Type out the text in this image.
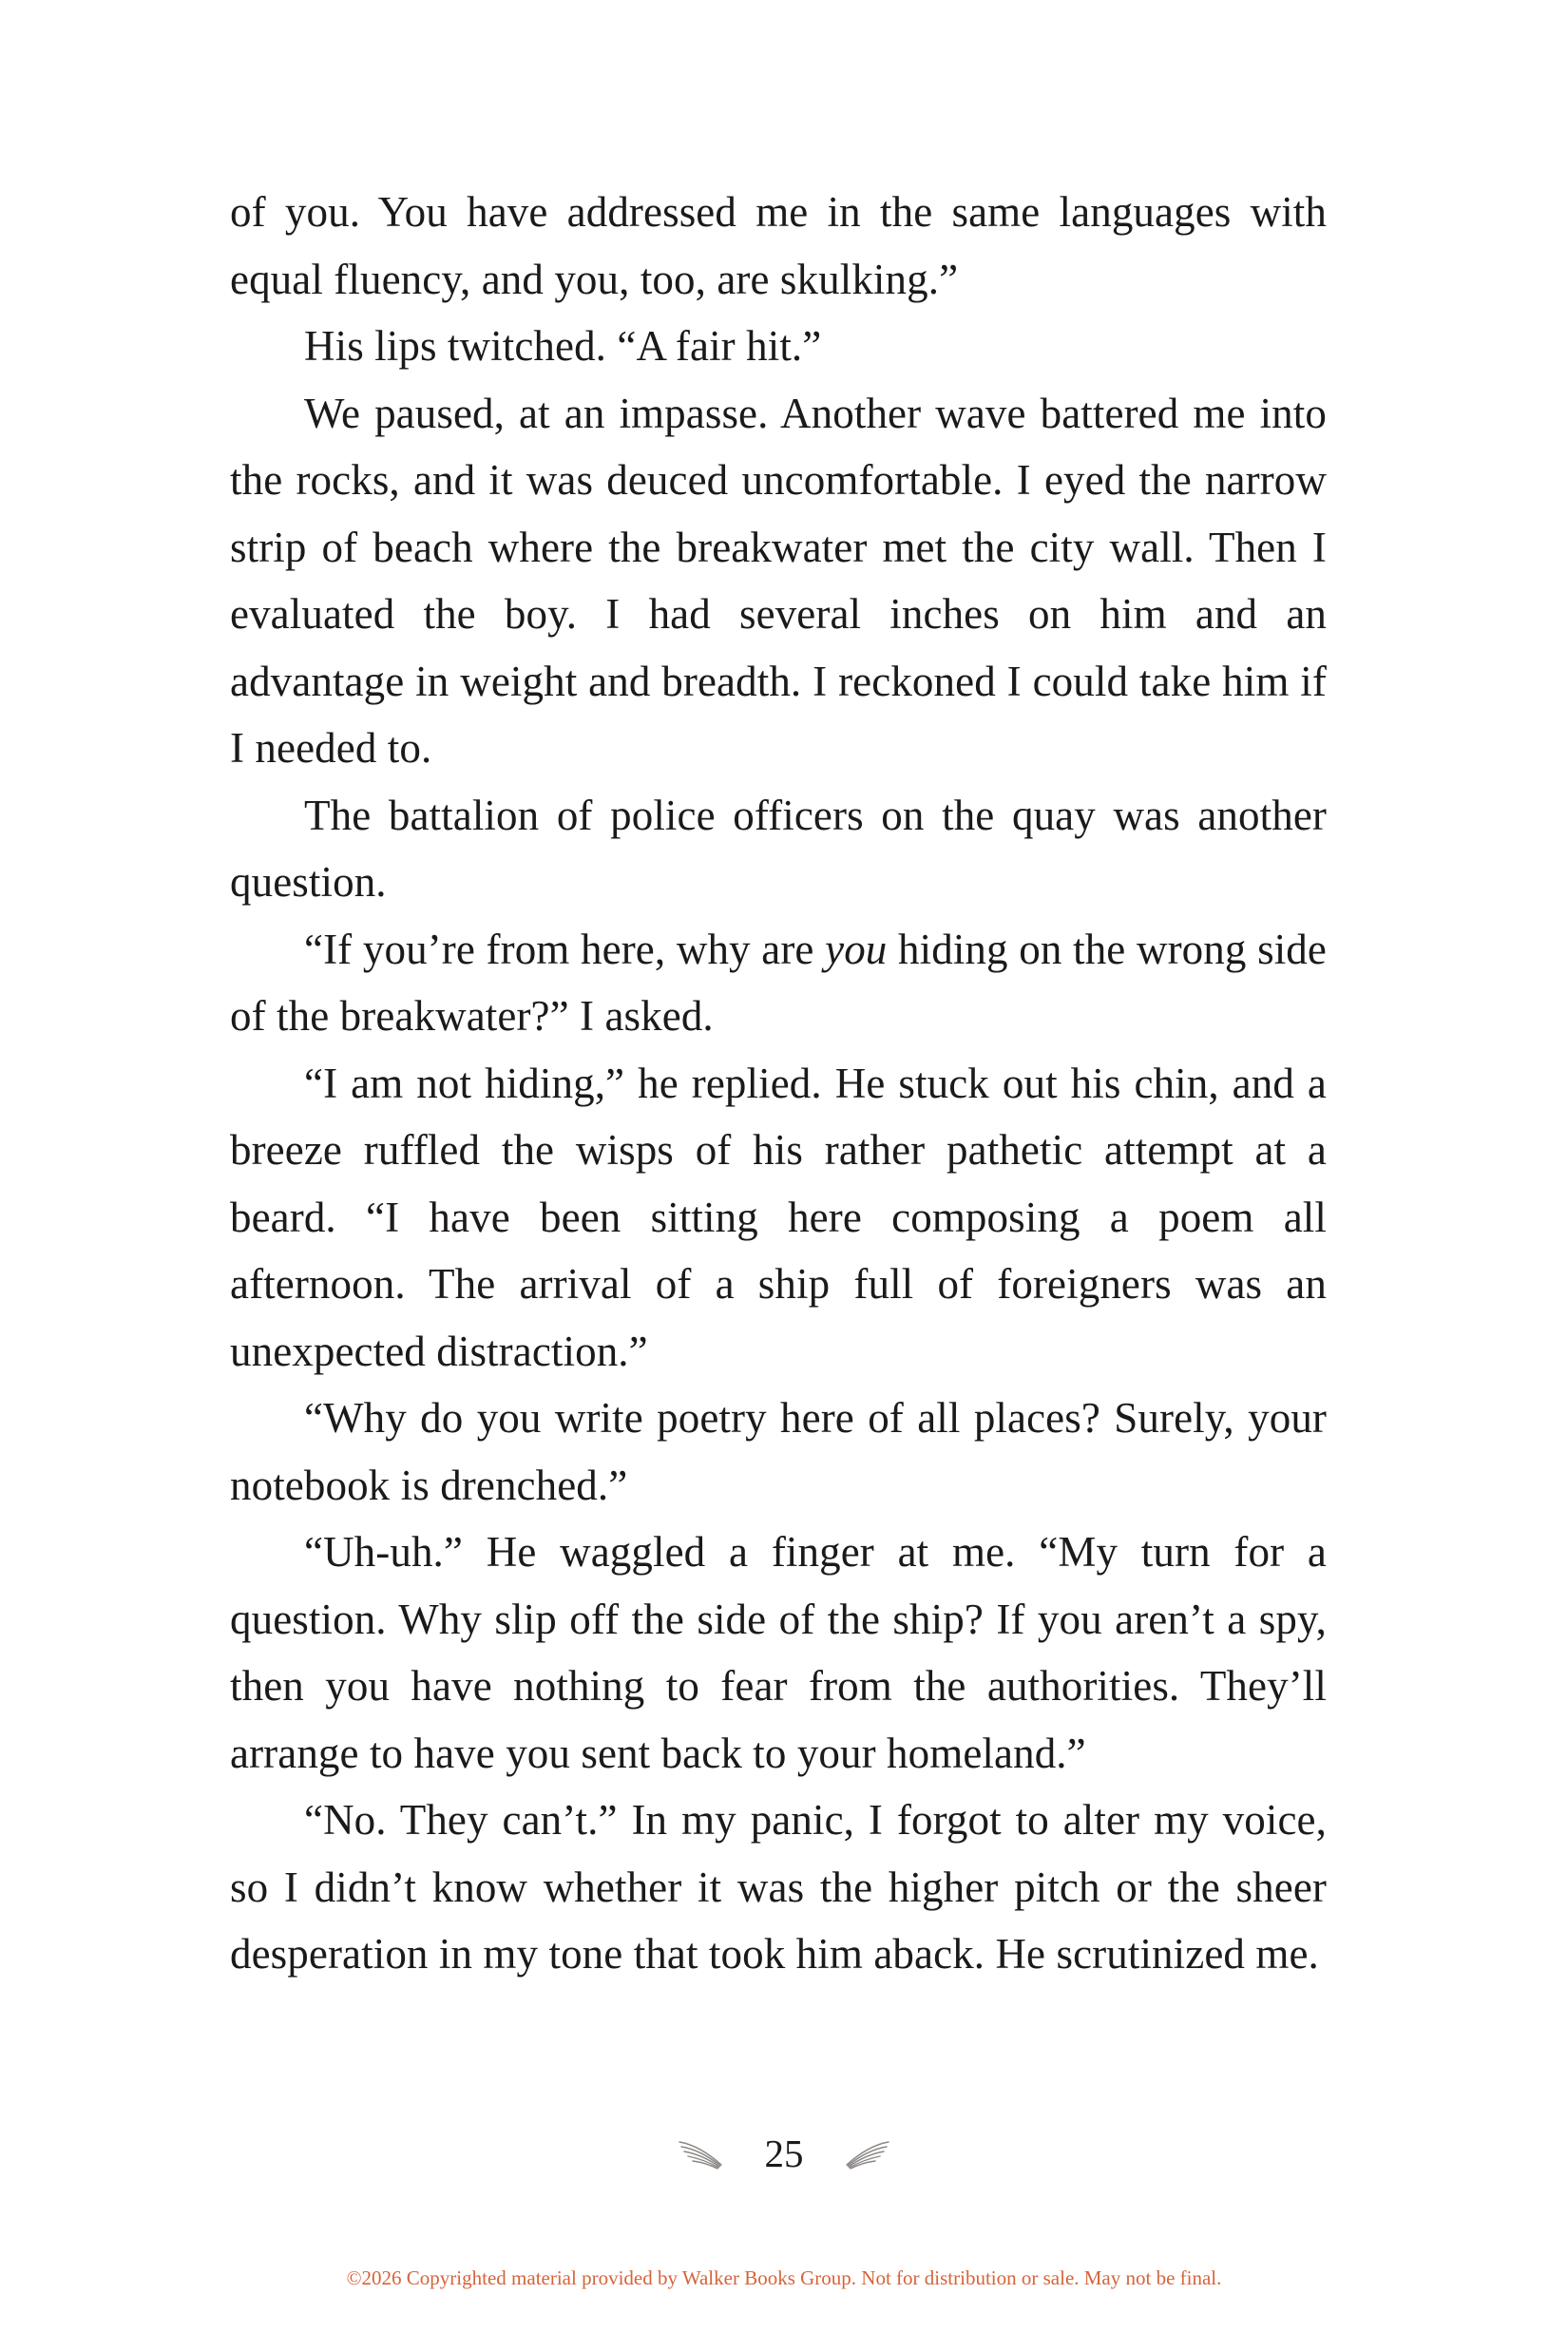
of you. You have addressed me in the same languages with equal fluency, and you, too, are skulking.”

His lips twitched. “A fair hit.”

We paused, at an impasse. Another wave battered me into the rocks, and it was deuced uncomfortable. I eyed the narrow strip of beach where the breakwater met the city wall. Then I evaluated the boy. I had several inches on him and an advantage in weight and breadth. I reckoned I could take him if I needed to.

The battalion of police officers on the quay was another question.

“If you’re from here, why are you hiding on the wrong side of the breakwater?” I asked.

“I am not hiding,” he replied. He stuck out his chin, and a breeze ruffled the wisps of his rather pathetic attempt at a beard. “I have been sitting here composing a poem all afternoon. The arrival of a ship full of foreigners was an unexpected distraction.”

“Why do you write poetry here of all places? Surely, your notebook is drenched.”

“Uh-uh.” He waggled a finger at me. “My turn for a question. Why slip off the side of the ship? If you aren’t a spy, then you have nothing to fear from the authorities. They’ll arrange to have you sent back to your homeland.”

“No. They can’t.” In my panic, I forgot to alter my voice, so I didn’t know whether it was the higher pitch or the sheer desperation in my tone that took him aback. He scrutinized me.

25
©2026 Copyrighted material provided by Walker Books Group. Not for distribution or sale. May not be final.
